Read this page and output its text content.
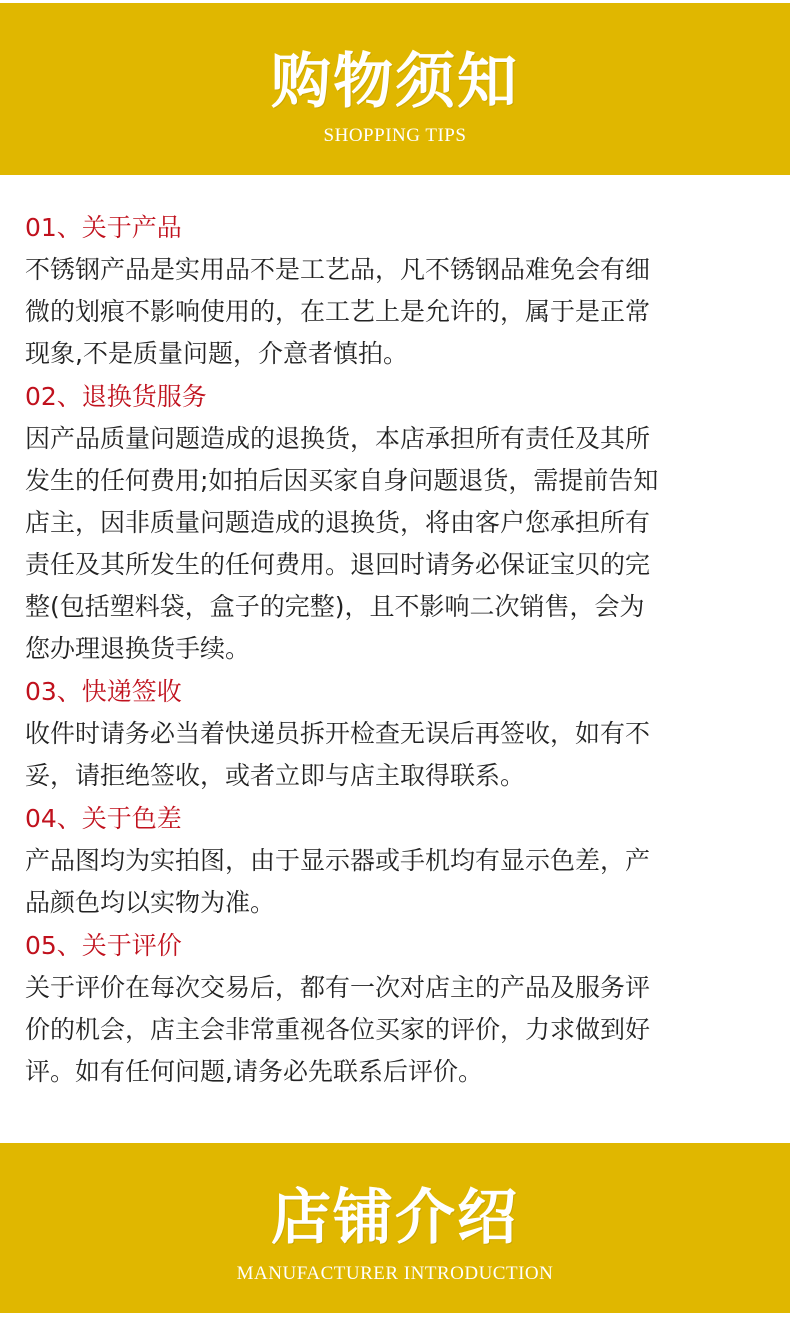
购物须知
SHOPPING TIPS
01、关于产品

不锈钢产品是实用品不是工艺品，凡不锈钢品难免会有细
微的划痕不影响使用的，在工艺上是允许的，属于是正常
现象,不是质量问题，介意者慎拍。

02、退换货服务

因产品质量问题造成的退换货，本店承担所有责任及其所
发生的任何费用;如拍后因买家自身问题退货，需提前告知
店主，因非质量问题造成的退换货，将由客户您承担所有
责任及其所发生的任何费用。退回时请务必保证宝贝的完
整(包括塑料袋，盒子的完整)，且不影响二次销售，会为
您办理退换货手续。

03、快递签收

收件时请务必当着快递员拆开检查无误后再签收，如有不
妥，请拒绝签收，或者立即与店主取得联系。

04、关于色差

产品图均为实拍图，由于显示器或手机均有显示色差，产
品颜色均以实物为准。

05、关于评价

关于评价在每次交易后，都有一次对店主的产品及服务评
价的机会，店主会非常重视各位买家的评价，力求做到好
评。如有任何问题,请务必先联系后评价。

店铺介绍
MANUFACTURER INTRODUCTION
